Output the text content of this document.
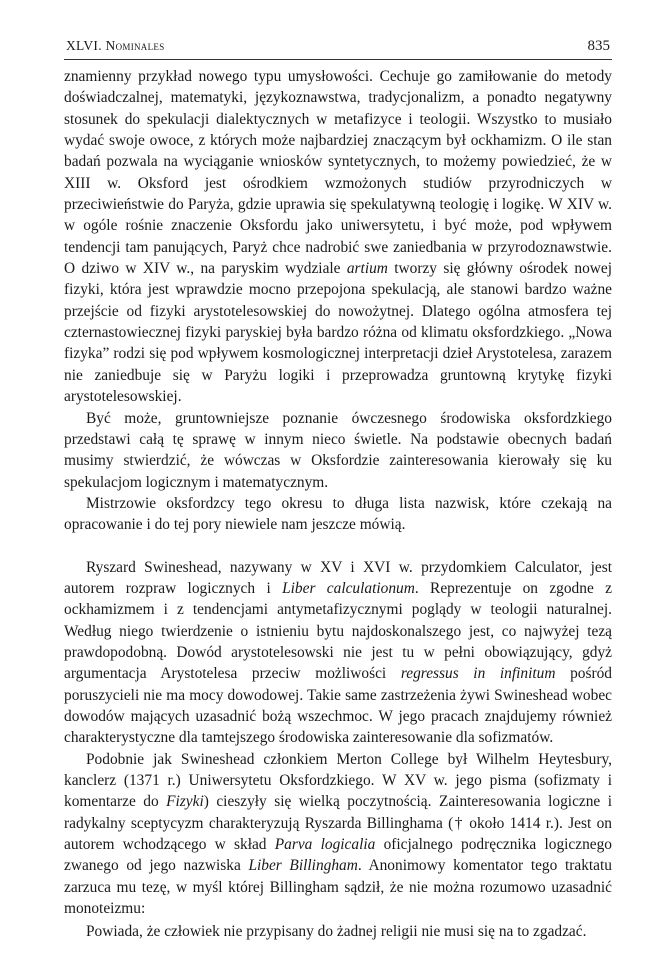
XLVI. Nominales	835

znamienny przykład nowego typu umysłowości. Cechuje go zamiłowanie do metody doświadczalnej, matematyki, językoznawstwa, tradycjonalizm, a ponadto negatywny stosunek do spekulacji dialektycznych w metafizyce i teologii. Wszystko to musiało wydać swoje owoce, z których może najbardziej znaczącym był ockhamizm. O ile stan badań pozwala na wyciąganie wniosków syntetycznych, to możemy powiedzieć, że w XIII w. Oksford jest ośrodkiem wzmożonych studiów przyrodniczych w przeciwieństwie do Paryża, gdzie uprawia się spekulatywną teologię i logikę. W XIV w. w ogóle rośnie znaczenie Oksfordu jako uniwersytetu, i być może, pod wpływem tendencji tam panujących, Paryż chce nadrobić swe zaniedbania w przyrodoznawstwie. O dziwo w XIV w., na paryskim wydziale artium tworzy się główny ośrodek nowej fizyki, która jest wprawdzie mocno przepojona spekulacją, ale stanowi bardzo ważne przejście od fizyki arystotelesowskiej do nowożytnej. Dlatego ogólna atmosfera tej czternastowiecznej fizyki paryskiej była bardzo różna od klimatu oksfordzkiego. „Nowa fizyka” rodzi się pod wpływem kosmologicznej interpretacji dzieł Arystotelesa, zarazem nie zaniedbuje się w Paryżu logiki i przeprowadza gruntowną krytykę fizyki arystotelesowskiej.

Być może, gruntowniejsze poznanie ówczesnego środowiska oksfordzkiego przedstawi całą tę sprawę w innym nieco świetle. Na podstawie obecnych badań musimy stwierdzić, że wówczas w Oksfordzie zainteresowania kierowały się ku spekulacjom logicznym i matematycznym.

Mistrzowie oksfordzcy tego okresu to długa lista nazwisk, które czekają na opracowanie i do tej pory niewiele nam jeszcze mówią.

Ryszard Swineshead, nazywany w XV i XVI w. przydomkiem Calculator, jest autorem rozpraw logicznych i Liber calculationum. Reprezentuje on zgodne z ockhamizmem i z tendencjami antymetafizycznymi poglądy w teologii naturalnej. Według niego twierdzenie o istnieniu bytu najdoskonalszego jest, co najwyżej tezą prawdopodobną. Dowód arystotelesowski nie jest tu w pełni obowiązujący, gdyż argumentacja Arystotelesa przeciw możliwości regressus in infinitum pośród poruszycieli nie ma mocy dowodowej. Takie same zastrzeżenia żywi Swineshead wobec dowodów mających uzasadnić bożą wszechmoc. W jego pracach znajdujemy również charakterystyczne dla tamtejszego środowiska zainteresowanie dla sofizmatów.

Podobnie jak Swineshead członkiem Merton College był Wilhelm Heytesbury, kanclerz (1371 r.) Uniwersytetu Oksfordzkiego. W XV w. jego pisma (sofizmaty i komentarze do Fizyki) cieszyły się wielką poczytnością. Zainteresowania logiczne i radykalny sceptycyzm charakteryzują Ryszarda Billinghama († około 1414 r.). Jest on autorem wchodzącego w skład Parva logicalia oficjalnego podręcznika logicznego zwanego od jego nazwiska Liber Billingham. Anonimowy komentator tego traktatu zarzuca mu tezę, w myśl której Billingham sądził, że nie można rozumowo uzasadnić monoteizmu:

Powiada, że człowiek nie przypisany do żadnej religii nie musi się na to zgadzać.
